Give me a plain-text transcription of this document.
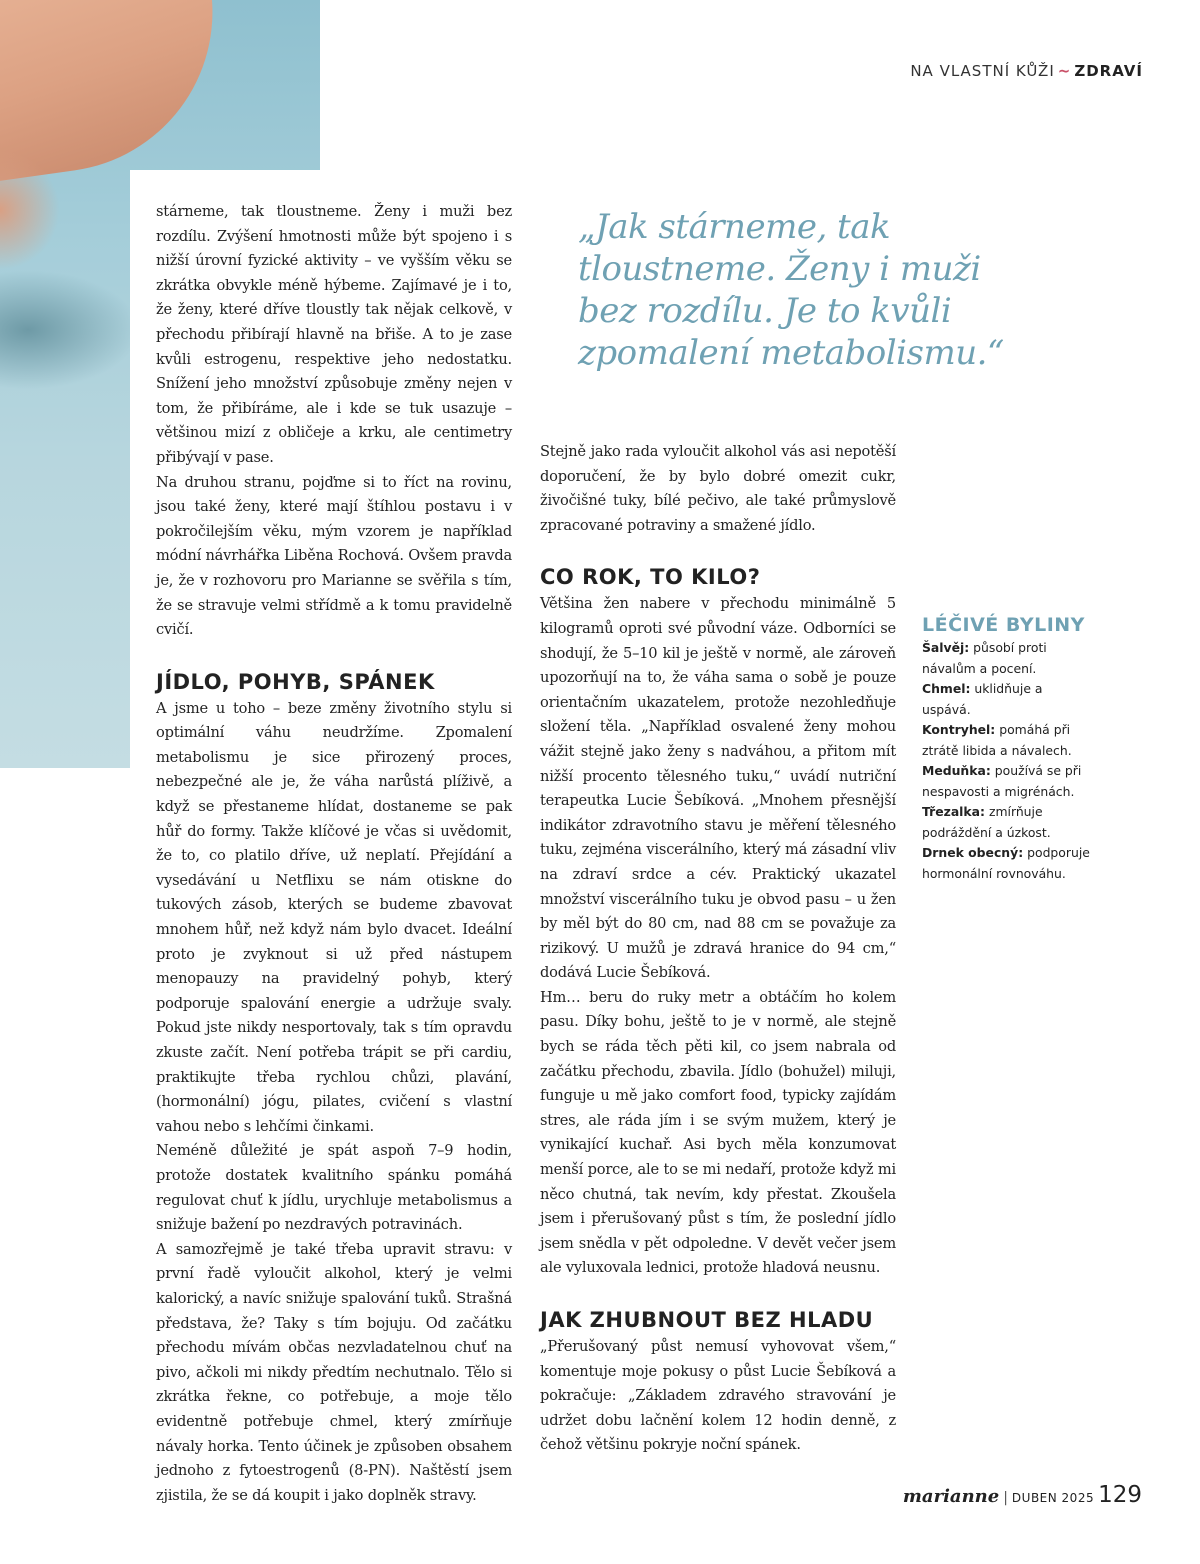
NA VLASTNÍ KŮŽI ~ ZDRAVÍ
„Jak stárneme, tak tloustneme. Ženy i muži bez rozdílu. Je to kvůli zpomalení metabolismu.“

stárneme, tak tloustneme. Ženy i muži bez rozdílu. Zvýšení hmotnosti může být spojeno i s nižší úrovní fyzické aktivity – ve vyšším věku se zkrátka obvykle méně hýbeme. Zajímavé je i to, že ženy, které dříve tloustly tak nějak celkově, v přechodu přibírají hlavně na břiše. A to je zase kvůli estrogenu, respektive jeho nedostatku. Snížení jeho množství způsobuje změny nejen v tom, že přibíráme, ale i kde se tuk usazuje – většinou mizí z obličeje a krku, ale centimetry přibývají v pase.

Na druhou stranu, pojďme si to říct na rovinu, jsou také ženy, které mají štíhlou postavu i v pokročilejším věku, mým vzorem je například módní návrhářka Liběna Rochová. Ovšem pravda je, že v rozhovoru pro Marianne se svěřila s tím, že se stravuje velmi střídmě a k tomu pravidelně cvičí.

JÍDLO, POHYB, SPÁNEK

A jsme u toho – beze změny životního stylu si optimální váhu neudržíme. Zpomalení metabolismu je sice přirozený proces, nebezpečné ale je, že váha narůstá plíživě, a když se přestaneme hlídat, dostaneme se pak hůř do formy. Takže klíčové je včas si uvědomit, že to, co platilo dříve, už neplatí. Přejídání a vysedávání u Netflixu se nám otiskne do tukových zásob, kterých se budeme zbavovat mnohem hůř, než když nám bylo dvacet. Ideální proto je zvyknout si už před nástupem menopauzy na pravidelný pohyb, který podporuje spalování energie a udržuje svaly. Pokud jste nikdy nesportovaly, tak s tím opravdu zkuste začít. Není potřeba trápit se při cardiu, praktikujte třeba rychlou chůzi, plavání, (hormonální) jógu, pilates, cvičení s vlastní vahou nebo s lehčími činkami.

Neméně důležité je spát aspoň 7–9 hodin, protože dostatek kvalitního spánku pomáhá regulovat chuť k jídlu, urychluje metabolismus a snižuje bažení po nezdravých potravinách.

A samozřejmě je také třeba upravit stravu: v první řadě vyloučit alkohol, který je velmi kalorický, a navíc snižuje spalování tuků. Strašná představa, že? Taky s tím bojuju. Od začátku přechodu mívám občas nezvladatelnou chuť na pivo, ačkoli mi nikdy předtím nechutnalo. Tělo si zkrátka řekne, co potřebuje, a moje tělo evidentně potřebuje chmel, který zmírňuje návaly horka. Tento účinek je způsoben obsahem jednoho z fytoestrogenů (8-PN). Naštěstí jsem zjistila, že se dá koupit i jako doplněk stravy.

Stejně jako rada vyloučit alkohol vás asi nepotěší doporučení, že by bylo dobré omezit cukr, živočišné tuky, bílé pečivo, ale také průmyslově zpracované potraviny a smažené jídlo.

CO ROK, TO KILO?

Většina žen nabere v přechodu minimálně 5 kilogramů oproti své původní váze. Odborníci se shodují, že 5–10 kil je ještě v normě, ale zároveň upozorňují na to, že váha sama o sobě je pouze orientačním ukazatelem, protože nezohledňuje složení těla. „Například osvalené ženy mohou vážit stejně jako ženy s nadváhou, a přitom mít nižší procento tělesného tuku,“ uvádí nutriční terapeutka Lucie Šebíková. „Mnohem přesnější indikátor zdravotního stavu je měření tělesného tuku, zejména viscerálního, který má zásadní vliv na zdraví srdce a cév. Praktický ukazatel množství viscerálního tuku je obvod pasu – u žen by měl být do 80 cm, nad 88 cm se považuje za rizikový. U mužů je zdravá hranice do 94 cm,“ dodává Lucie Šebíková.

Hm… beru do ruky metr a obtáčím ho kolem pasu. Díky bohu, ještě to je v normě, ale stejně bych se ráda těch pěti kil, co jsem nabrala od začátku přechodu, zbavila. Jídlo (bohužel) miluji, funguje u mě jako comfort food, typicky zajídám stres, ale ráda jím i se svým mužem, který je vynikající kuchař. Asi bych měla konzumovat menší porce, ale to se mi nedaří, protože když mi něco chutná, tak nevím, kdy přestat. Zkoušela jsem i přerušovaný půst s tím, že poslední jídlo jsem snědla v pět odpoledne. V devět večer jsem ale vyluxovala lednici, protože hladová neusnu.

JAK ZHUBNOUT BEZ HLADU

„Přerušovaný půst nemusí vyhovovat všem,“ komentuje moje pokusy o půst Lucie Šebíková a pokračuje: „Základem zdravého stravování je udržet dobu lačnění kolem 12 hodin denně, z čehož většinu pokryje noční spánek.

LÉČIVÉ BYLINY
Šalvěj: působí proti návalům a pocení.
Chmel: uklidňuje a uspává.
Kontryhel: pomáhá při ztrátě libida a návalech.
Meduňka: používá se při nespavosti a migrénách.
Třezalka: zmírňuje podráždění a úzkost.
Drnek obecný: podporuje hormonální rovnováhu.
marianne | DUBEN 2025 129
